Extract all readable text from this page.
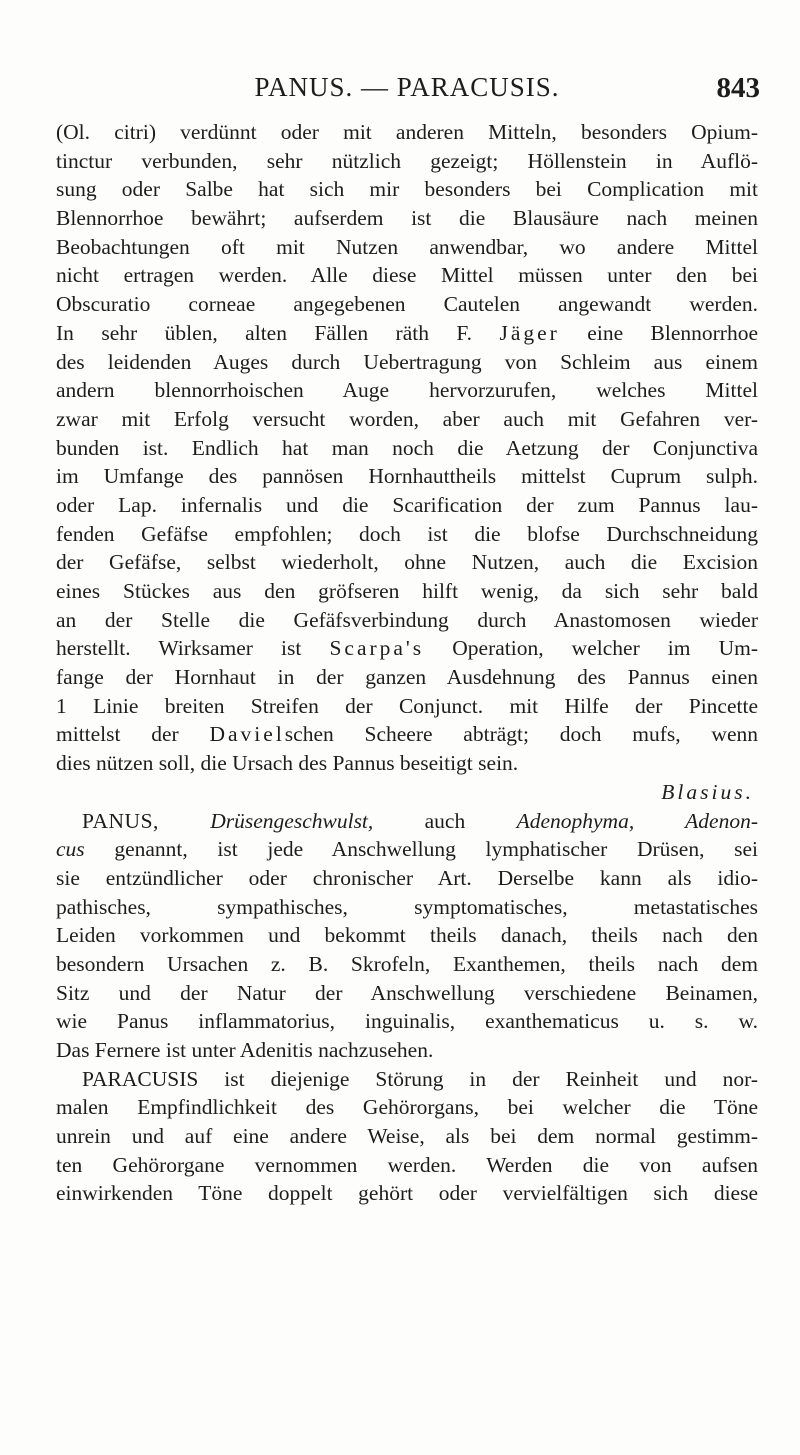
PANUS. — PARACUSIS.	843
(Ol. citri) verdünnt oder mit anderen Mitteln, besonders Opium-
tinctur verbunden, sehr nützlich gezeigt; Höllenstein in Auflö-
sung oder Salbe hat sich mir besonders bei Complication mit
Blennorrhoe bewährt; aufserdem ist die Blausäure nach meinen
Beobachtungen oft mit Nutzen anwendbar, wo andere Mittel
nicht ertragen werden. Alle diese Mittel müssen unter den bei
Obscuratio corneae angegebenen Cautelen angewandt werden.
In sehr üblen, alten Fällen räth F. Jäger eine Blennorrhoe
des leidenden Auges durch Uebertragung von Schleim aus einem
andern blennorrhoischen Auge hervorzurufen, welches Mittel
zwar mit Erfolg versucht worden, aber auch mit Gefahren ver-
bunden ist. Endlich hat man noch die Aetzung der Conjunctiva
im Umfange des pannösen Hornhauttheils mittelst Cuprum sulph.
oder Lap. infernalis und die Scarification der zum Pannus lau-
fenden Gefäfse empfohlen; doch ist die blofse Durchschneidung
der Gefäfse, selbst wiederholt, ohne Nutzen, auch die Excision
eines Stückes aus den gröfseren hilft wenig, da sich sehr bald
an der Stelle die Gefäfsverbindung durch Anastomosen wieder
herstellt. Wirksamer ist Scarpa's Operation, welcher im Um-
fange der Hornhaut in der ganzen Ausdehnung des Pannus einen
1 Linie breiten Streifen der Conjunct. mit Hilfe der Pincette
mittelst der Davielschen Scheere abträgt; doch mufs, wenn
dies nützen soll, die Ursach des Pannus beseitigt sein.
Blasius.
PANUS, Drüsengeschwulst, auch Adenophyma, Adenon-
cus genannt, ist jede Anschwellung lymphatischer Drüsen, sei
sie entzündlicher oder chronischer Art. Derselbe kann als idio-
pathisches, sympathisches, symptomatisches, metastatisches
Leiden vorkommen und bekommt theils danach, theils nach den
besondern Ursachen z. B. Skrofeln, Exanthemen, theils nach dem
Sitz und der Natur der Anschwellung verschiedene Beinamen,
wie Panus inflammatorius, inguinalis, exanthematicus u. s. w.
Das Fernere ist unter Adenitis nachzusehen.
PARACUSIS ist diejenige Störung in der Reinheit und nor-
malen Empfindlichkeit des Gehörorgans, bei welcher die Töne
unrein und auf eine andere Weise, als bei dem normal gestimm-
ten Gehörorgane vernommen werden. Werden die von aufsen
einwirkenden Töne doppelt gehört oder vervielfältigen sich diese
